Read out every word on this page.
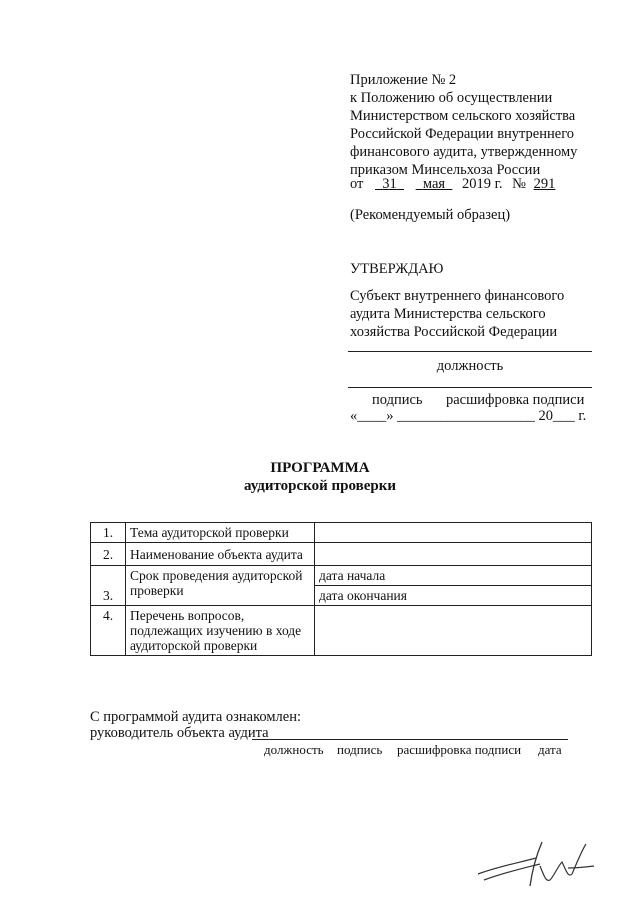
Приложение № 2
к Положению об осуществлении
Министерством сельского хозяйства
Российской Федерации внутреннего
финансового аудита, утвержденному
приказом Минсельхоза России
от 31 мая 2019 г. № 291
(Рекомендуемый образец)
УТВЕРЖДАЮ
Субъект внутреннего финансового
аудита Министерства сельского
хозяйства Российской Федерации
должность
подпись расшифровка подписи
«____» ___________________ 20___ г.
ПРОГРАММА
аудиторской проверки
1.	Тема аудиторской проверки	
2.	Наименование объекта аудита	
3.	Срок проведения аудиторской проверки	дата начала
		дата окончания
4.	Перечень вопросов, подлежащих изучению в ходе аудиторской проверки	
С программой аудита ознакомлен:
руководитель объекта аудита
должность подпись расшифровка подписи дата
